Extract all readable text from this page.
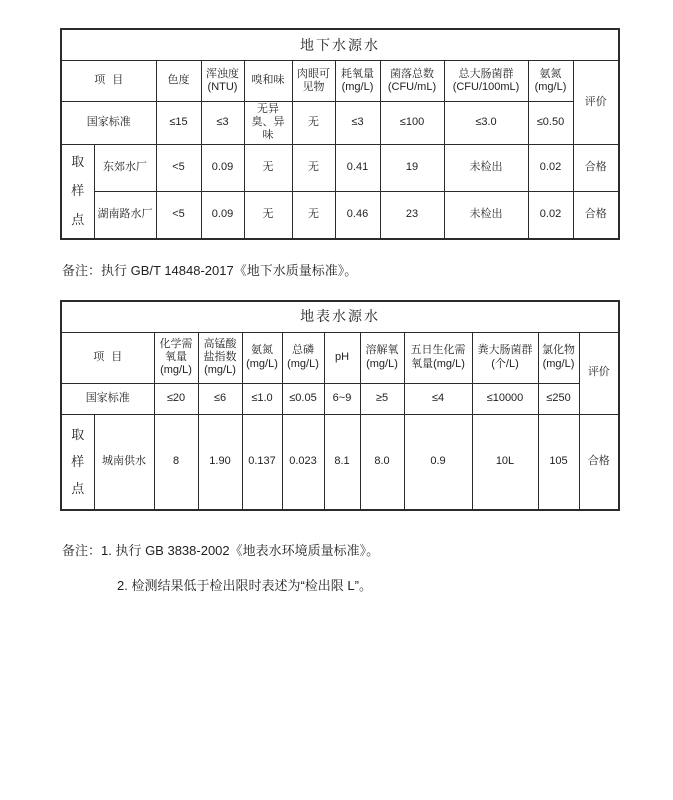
地下水源水										
项目		色度	浑浊度(NTU)	嗅和味	肉眼可见物	耗氧量(mg/L)	菌落总数(CFU/mL)	总大肠菌群(CFU/100mL)	氨氮(mg/L)	评价
国家标准		≤15	≤3	无异臭、异味	无	≤3	≤100	≤3.0	≤0.50	

取
样
点	东郊水厂	<5	0.09	无	无	0.41	19	未检出	0.02	合格
	湖南路水厂	<5	0.09	无	无	0.46	23	未检出	0.02	合格

备注：执行 GB/T 14848-2017《地下水质量标准》。

地表水源水											
项目		化学需氧量(mg/L)	高锰酸盐指数(mg/L)	氨氮(mg/L)	总磷(mg/L)	pH	溶解氧(mg/L)	五日生化需氧量(mg/L)	粪大肠菌群(个/L)	氯化物(mg/L)	评价
国家标准		≤20	≤6	≤1.0	≤0.05	6~9	≥5	≤4	≤10000	≤250	

取
样
点	城南供水	8	1.90	0.137	0.023	8.1	8.0	0.9	10L	105	合格

备注：1. 执行 GB 3838-2002《地表水环境质量标准》。

2. 检测结果低于检出限时表述为“检出限 L”。
